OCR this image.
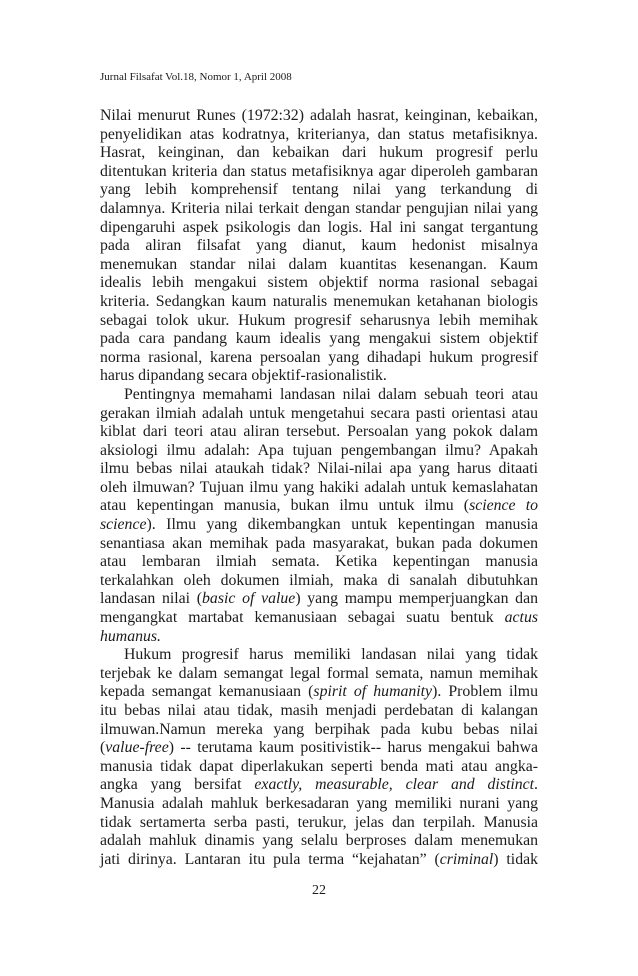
Jurnal Filsafat Vol.18, Nomor 1, April 2008
Nilai menurut Runes (1972:32) adalah hasrat, keinginan, kebaikan,
penyelidikan atas kodratnya, kriterianya, dan status metafisiknya.
Hasrat, keinginan, dan kebaikan dari hukum progresif perlu
ditentukan kriteria dan status metafisiknya agar diperoleh gambaran
yang lebih komprehensif tentang nilai yang terkandung di
dalamnya. Kriteria nilai terkait dengan standar pengujian nilai yang
dipengaruhi aspek psikologis dan logis. Hal ini sangat tergantung
pada aliran filsafat yang dianut, kaum hedonist misalnya
menemukan standar nilai dalam kuantitas kesenangan. Kaum
idealis lebih mengakui sistem objektif norma rasional sebagai
kriteria. Sedangkan kaum naturalis menemukan ketahanan biologis
sebagai tolok ukur. Hukum progresif seharusnya lebih memihak
pada cara pandang kaum idealis yang mengakui sistem objektif
norma rasional, karena persoalan yang dihadapi hukum progresif
harus dipandang secara objektif-rasionalistik.
Pentingnya memahami landasan nilai dalam sebuah teori atau
gerakan ilmiah adalah untuk mengetahui secara pasti orientasi atau
kiblat dari teori atau aliran tersebut. Persoalan yang pokok dalam
aksiologi ilmu adalah: Apa tujuan pengembangan ilmu? Apakah
ilmu bebas nilai ataukah tidak? Nilai-nilai apa yang harus ditaati
oleh ilmuwan? Tujuan ilmu yang hakiki adalah untuk kemaslahatan
atau kepentingan manusia, bukan ilmu untuk ilmu (science to
science). Ilmu yang dikembangkan untuk kepentingan manusia
senantiasa akan memihak pada masyarakat, bukan pada dokumen
atau lembaran ilmiah semata. Ketika kepentingan manusia
terkalahkan oleh dokumen ilmiah, maka di sanalah dibutuhkan
landasan nilai (basic of value) yang mampu memperjuangkan dan
mengangkat martabat kemanusiaan sebagai suatu bentuk actus
humanus.
Hukum progresif harus memiliki landasan nilai yang tidak
terjebak ke dalam semangat legal formal semata, namun memihak
kepada semangat kemanusiaan (spirit of humanity). Problem ilmu
itu bebas nilai atau tidak, masih menjadi perdebatan di kalangan
ilmuwan.Namun mereka yang berpihak pada kubu bebas nilai
(value-free) -- terutama kaum positivistik-- harus mengakui bahwa
manusia tidak dapat diperlakukan seperti benda mati atau angka-
angka yang bersifat exactly, measurable, clear and distinct.
Manusia adalah mahluk berkesadaran yang memiliki nurani yang
tidak sertamerta serba pasti, terukur, jelas dan terpilah. Manusia
adalah mahluk dinamis yang selalu berproses dalam menemukan
jati dirinya. Lantaran itu pula terma “kejahatan” (criminal) tidak
22
